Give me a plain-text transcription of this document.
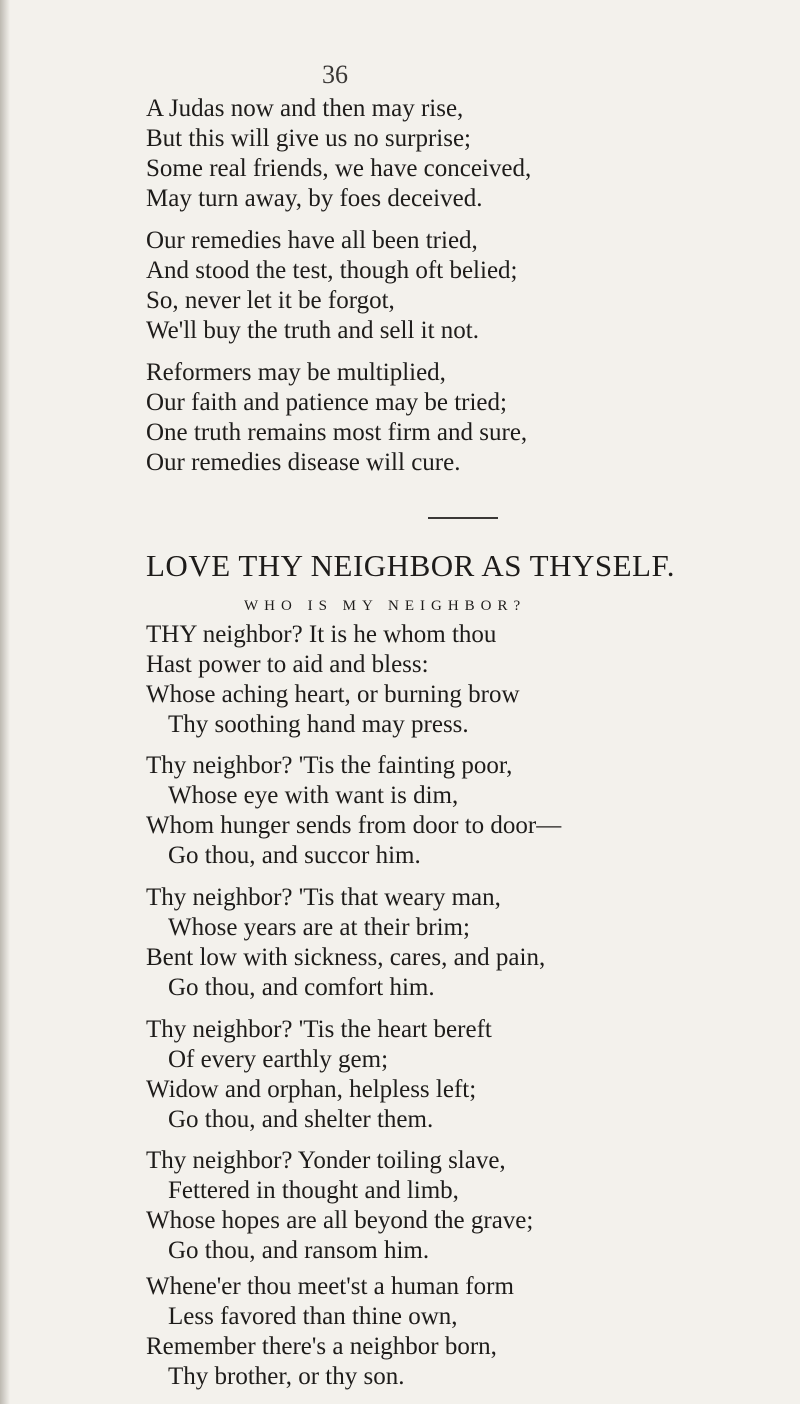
36
A Judas now and then may rise,
But this will give us no surprise;
Some real friends, we have conceived,
May turn away, by foes deceived.
Our remedies have all been tried,
And stood the test, though oft belied;
So, never let it be forgot,
We'll buy the truth and sell it not.
Reformers may be multiplied,
Our faith and patience may be tried;
One truth remains most firm and sure,
Our remedies disease will cure.
LOVE THY NEIGHBOR AS THYSELF.
WHO IS MY NEIGHBOR?
THY neighbor? It is he whom thou
Hast power to aid and bless:
Whose aching heart, or burning brow
Thy soothing hand may press.
Thy neighbor? 'Tis the fainting poor,
Whose eye with want is dim,
Whom hunger sends from door to door—
Go thou, and succor him.
Thy neighbor? 'Tis that weary man,
Whose years are at their brim;
Bent low with sickness, cares, and pain,
Go thou, and comfort him.
Thy neighbor? 'Tis the heart bereft
Of every earthly gem;
Widow and orphan, helpless left;
Go thou, and shelter them.
Thy neighbor? Yonder toiling slave,
Fettered in thought and limb,
Whose hopes are all beyond the grave;
Go thou, and ransom him.
Whene'er thou meet'st a human form
Less favored than thine own,
Remember there's a neighbor born,
Thy brother, or thy son.
